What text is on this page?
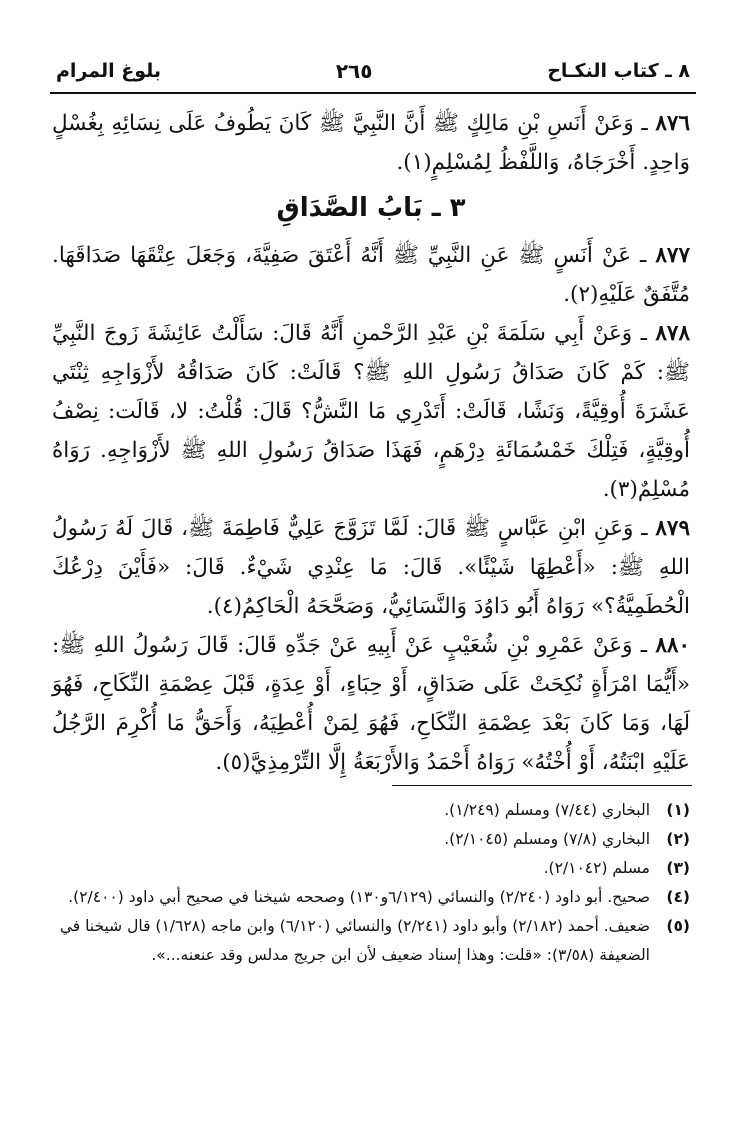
٨ ـ كتاب النكـاح
٢٦٥
بلوغ المرام

٨٧٦ ـ وَعَنْ أَنَسِ بْنِ مَالِكٍ ﷺ أَنَّ النَّبِيَّ ﷺ كَانَ يَطُوفُ عَلَى نِسَائِهِ بِغُسْلٍ وَاحِدٍ. أَخْرَجَاهُ، وَاللَّفْظُ لِمُسْلِمٍ(١).

٣ ـ بَابُ الصَّدَاقِ

٨٧٧ ـ عَنْ أَنَسٍ ﷺ عَنِ النَّبِيِّ ﷺ أَنَّهُ أَعْتَقَ صَفِيَّةَ، وَجَعَلَ عِتْقَهَا صَدَاقَهَا. مُتَّفَقٌ عَلَيْهِ(٢).

٨٧٨ ـ وَعَنْ أَبِي سَلَمَةَ بْنِ عَبْدِ الرَّحْمنِ أَنَّهُ قَالَ: سَأَلْتُ عَائِشَةَ زَوجَ النَّبِيِّ ﷺ: كَمْ كَانَ صَدَاقُ رَسُولِ اللهِ ﷺ؟ قَالَتْ: كَانَ صَدَاقُهُ لأَزْوَاجِهِ ثِنْتَي عَشَرَةَ أُوقِيَّةً، وَنَشًا، قَالَتْ: أَتَدْرِي مَا النَّشُّ؟ قَالَ: قُلْتُ: لا، قَالَت: نِصْفُ أُوقِيَّةٍ، فَتِلْكَ خَمْسُمَائَةِ دِرْهَمٍ، فَهَذَا صَدَاقُ رَسُولِ اللهِ ﷺ لأَزْوَاجِهِ. رَوَاهُ مُسْلِمٌ(٣).

٨٧٩ ـ وَعَنِ ابْنِ عَبَّاسٍ ﷺ قَالَ: لَمَّا تَزَوَّجَ عَلِيٌّ فَاطِمَةَ ﷺ، قَالَ لَهُ رَسُولُ اللهِ ﷺ: «أَعْطِهَا شَيْئًا». قَالَ: مَا عِنْدِي شَيْءٌ. قَالَ: «فَأَيْنَ دِرْعُكَ الْحُطَمِيَّةُ؟» رَوَاهُ أَبُو دَاوُدَ وَالنَّسَائِيُّ، وَصَحَّحَهُ الْحَاكِمُ(٤).

٨٨٠ ـ وَعَنْ عَمْرِو بْنِ شُعَيْبٍ عَنْ أَبِيهِ عَنْ جَدِّهِ قَالَ: قَالَ رَسُولُ اللهِ ﷺ: «أَيُّمَا امْرَأَةٍ نُكِحَتْ عَلَى صَدَاقٍ، أَوْ حِبَاءٍ، أَوْ عِدَةٍ، قَبْلَ عِصْمَةِ النِّكَاحِ، فَهُوَ لَهَا، وَمَا كَانَ بَعْدَ عِصْمَةِ النِّكَاحِ، فَهُوَ لِمَنْ أُعْطِيَهُ، وَأَحَقُّ مَا أُكْرِمَ الرَّجُلُ عَلَيْهِ ابْنَتُهُ، أَوْ أُخْتُهُ» رَوَاهُ أَحْمَدُ وَالأَرْبَعَةُ إِلَّا التِّرْمِذِيَّ(٥).

(١)
البخاري (٧/٤٤) ومسلم (١/٢٤٩).
(٢)
البخاري (٧/٨) ومسلم (٢/١٠٤٥).
(٣)
مسلم (٢/١٠٤٢).
(٤)
صحيح. أبو داود (٢/٢٤٠) والنسائي (٦/١٢٩و١٣٠) وصححه شيخنا في صحيح أبي داود (٢/٤٠٠).
(٥)
ضعيف. أحمد (٢/١٨٢) وأبو داود (٢/٢٤١) والنسائي (٦/١٢٠) وابن ماجه (١/٦٢٨) قال شيخنا في الضعيفة (٣/٥٨): «قلت: وهذا إسناد ضعيف لأن ابن جريج مدلس وقد عنعنه...».
